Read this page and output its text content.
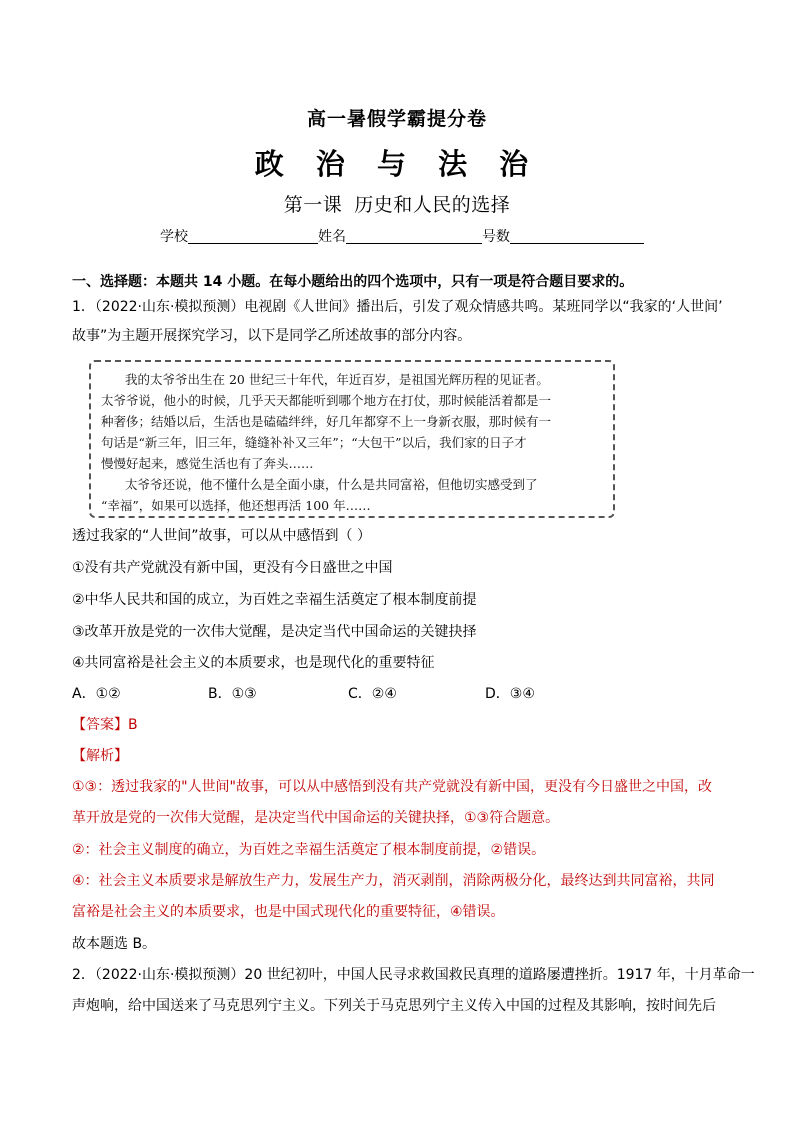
高一暑假学霸提分卷
政 治 与 法 治
第一课 历史和人民的选择
学校	姓名	号数
一、选择题：本题共 14 小题。在每小题给出的四个选项中，只有一项是符合题目要求的。
1．（2022·山东·模拟预测）电视剧《人世间》播出后，引发了观众情感共鸣。某班同学以“我家的‘人世间’
故事”为主题开展探究学习，以下是同学乙所述故事的部分内容。
我的太爷爷出生在 20 世纪三十年代，年近百岁，是祖国光辉历程的见证者。
太爷爷说，他小的时候，几乎天天都能听到哪个地方在打仗，那时候能活着都是一
种奢侈；结婚以后，生活也是磕磕绊绊，好几年都穿不上一身新衣服，那时候有一
句话是“新三年，旧三年，缝缝补补又三年”；“大包干”以后，我们家的日子才
慢慢好起来，感觉生活也有了奔头……
太爷爷还说，他不懂什么是全面小康，什么是共同富裕，但他切实感受到了
“幸福”，如果可以选择，他还想再活 100 年……
透过我家的“人世间”故事，可以从中感悟到（ ）
①没有共产党就没有新中国，更没有今日盛世之中国
②中华人民共和国的成立，为百姓之幸福生活奠定了根本制度前提
③改革开放是党的一次伟大觉醒，是决定当代中国命运的关键抉择
④共同富裕是社会主义的本质要求，也是现代化的重要特征
A．①②	B．①③	C．②④	D．③④
【答案】B
【解析】
①③：透过我家的"人世间"故事，可以从中感悟到没有共产党就没有新中国，更没有今日盛世之中国，改
革开放是党的一次伟大觉醒，是决定当代中国命运的关键抉择，①③符合题意。
②：社会主义制度的确立，为百姓之幸福生活奠定了根本制度前提，②错误。
④：社会主义本质要求是解放生产力，发展生产力，消灭剥削，消除两极分化，最终达到共同富裕，共同
富裕是社会主义的本质要求，也是中国式现代化的重要特征，④错误。
故本题选 B。
2．（2022·山东·模拟预测）20 世纪初叶，中国人民寻求救国救民真理的道路屡遭挫折。1917 年，十月革命一
声炮响，给中国送来了马克思列宁主义。下列关于马克思列宁主义传入中国的过程及其影响，按时间先后
